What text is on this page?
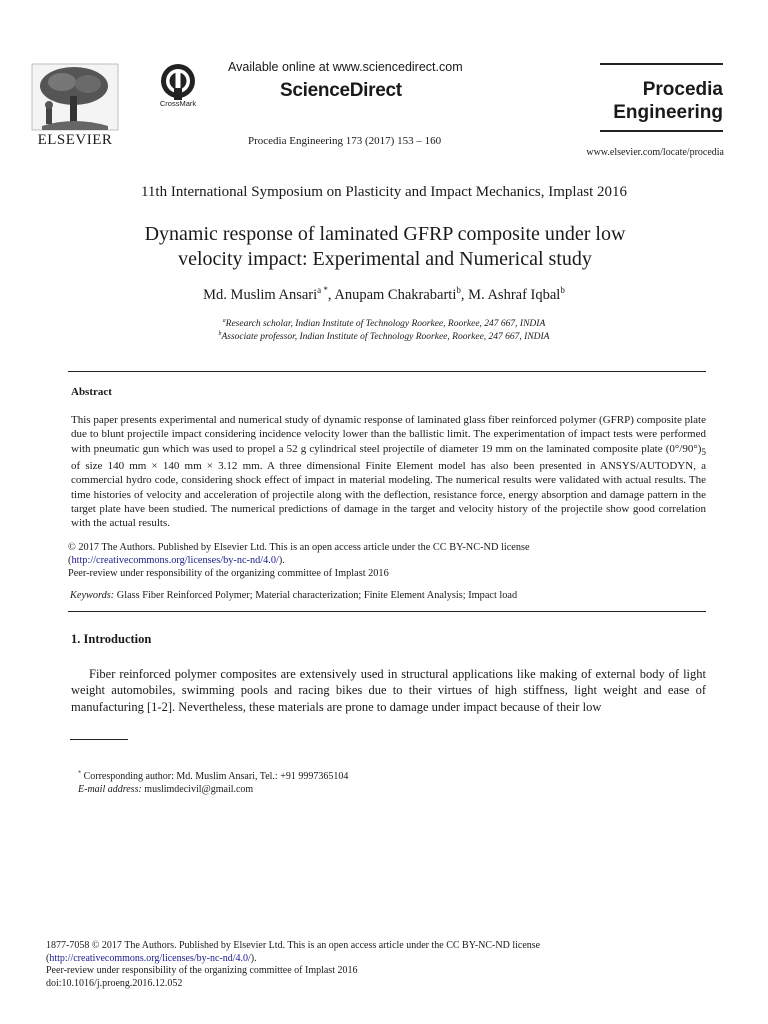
ELSEVIER
CrossMark
Available online at www.sciencedirect.com
ScienceDirect
Procedia Engineering 173 (2017) 153 – 160
Procedia
Engineering
www.elsevier.com/locate/procedia
11th International Symposium on Plasticity and Impact Mechanics, Implast 2016
Dynamic response of laminated GFRP composite under low
velocity impact: Experimental and Numerical study
Md. Muslim Ansari$^{a *}$, Anupam Chakrabarti$^b$, M. Ashraf Iqbal$^b$
$^a$Research scholar, Indian Institute of Technology Roorkee, Roorkee, 247 667, INDIA
$^b$Associate professor, Indian Institute of Technology Roorkee, Roorkee, 247 667, INDIA
Abstract
This paper presents experimental and numerical study of dynamic response of laminated glass fiber reinforced polymer (GFRP) composite plate due to blunt projectile impact considering incidence velocity lower than the ballistic limit. The experimentation of impact tests were performed with pneumatic gun which was used to propel a 52 g cylindrical steel projectile of diameter 19 mm on the laminated composite plate $(0^\circ/90^\circ)_5$ of size 140 mm × 140 mm × 3.12 mm. A three dimensional Finite Element model has also been presented in ANSYS/AUTODYN, a commercial hydro code, considering shock effect of impact in material modeling. The numerical results were validated with actual results. The time histories of velocity and acceleration of projectile along with the deflection, resistance force, energy absorption and damage pattern in the target plate have been studied. The numerical predictions of damage in the target and velocity history of the projectile show good correlation with the actual results.
© 2017 The Authors. Published by Elsevier Ltd. This is an open access article under the CC BY-NC-ND license
(http://creativecommons.org/licenses/by-nc-nd/4.0/).
Peer-review under responsibility of the organizing committee of Implast 2016
Keywords: Glass Fiber Reinforced Polymer; Material characterization; Finite Element Analysis; Impact load
1. Introduction
Fiber reinforced polymer composites are extensively used in structural applications like making of external body of light weight automobiles, swimming pools and racing bikes due to their virtues of high stiffness, light weight and ease of manufacturing [1-2]. Nevertheless, these materials are prone to damage under impact because of their low
* Corresponding author: Md. Muslim Ansari, Tel.: +91 9997365104
E-mail address: muslimdecivil@gmail.com
1877-7058 © 2017 The Authors. Published by Elsevier Ltd. This is an open access article under the CC BY-NC-ND license
(http://creativecommons.org/licenses/by-nc-nd/4.0/).
Peer-review under responsibility of the organizing committee of Implast 2016
doi:10.1016/j.proeng.2016.12.052
